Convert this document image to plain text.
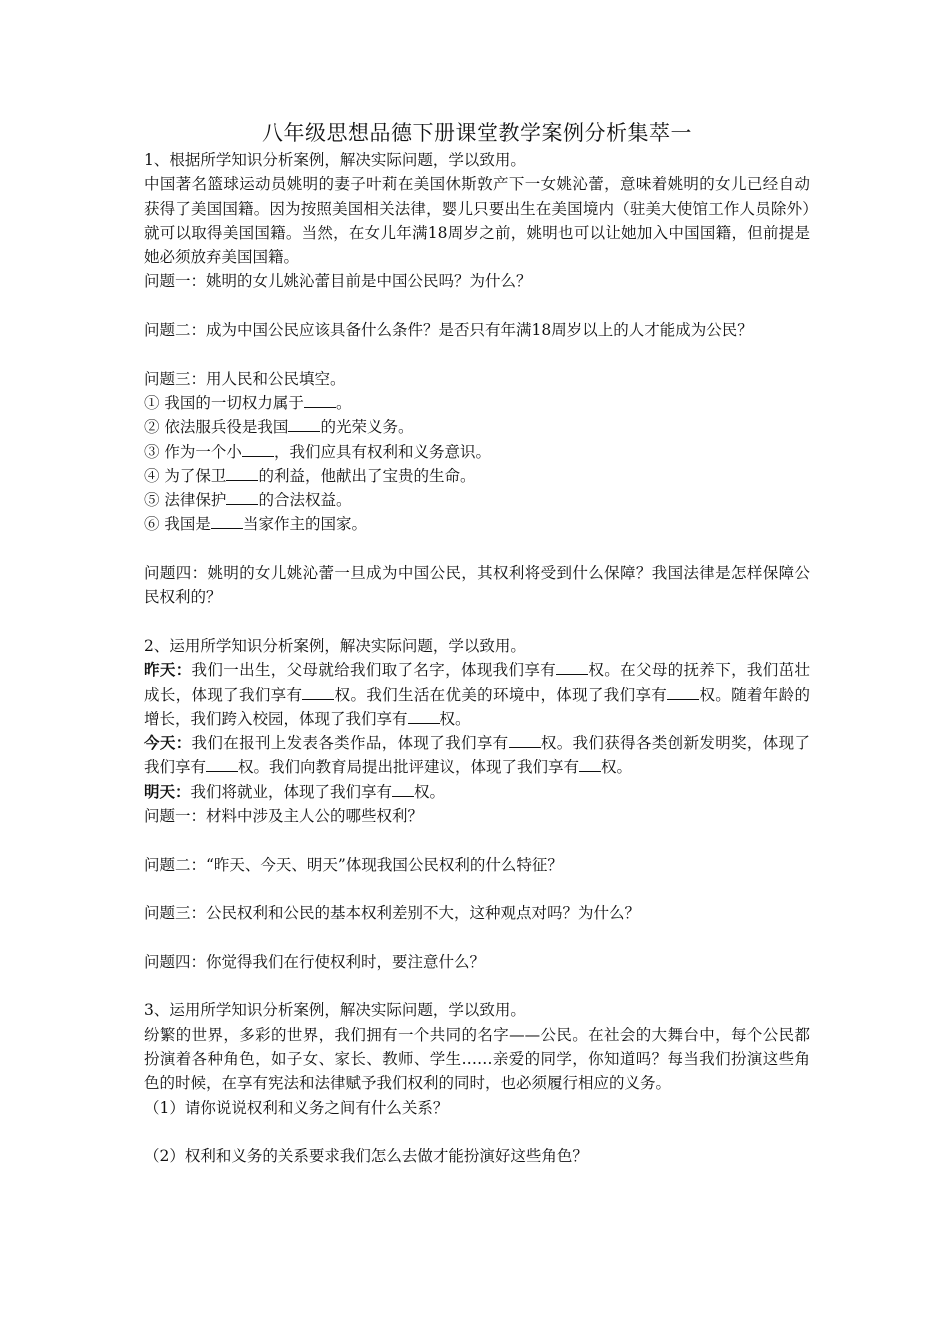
八年级思想品德下册课堂教学案例分析集萃一

1、根据所学知识分析案例，解决实际问题，学以致用。

中国著名篮球运动员姚明的妻子叶莉在美国休斯敦产下一女姚沁蕾，意味着姚明的女儿已经自动获得了美国国籍。因为按照美国相关法律，婴儿只要出生在美国境内（驻美大使馆工作人员除外）就可以取得美国国籍。当然，在女儿年满18周岁之前，姚明也可以让她加入中国国籍，但前提是她必须放弃美国国籍。

问题一：姚明的女儿姚沁蕾目前是中国公民吗？为什么？

问题二：成为中国公民应该具备什么条件？是否只有年满18周岁以上的人才能成为公民？

问题三：用人民和公民填空。

① 我国的一切权力属于 。

② 依法服兵役是我国 的光荣义务。

③ 作为一个小 ，我们应具有权利和义务意识。

④ 为了保卫 的利益，他献出了宝贵的生命。

⑤ 法律保护 的合法权益。

⑥ 我国是 当家作主的国家。

问题四：姚明的女儿姚沁蕾一旦成为中国公民，其权利将受到什么保障？我国法律是怎样保障公民权利的？

2、运用所学知识分析案例，解决实际问题，学以致用。

昨天：我们一出生，父母就给我们取了名字，体现我们享有 权。在父母的抚养下，我们茁壮成长，体现了我们享有 权。我们生活在优美的环境中，体现了我们享有 权。随着年龄的增长，我们跨入校园，体现了我们享有 权。

今天：我们在报刊上发表各类作品，体现了我们享有 权。我们获得各类创新发明奖，体现了我们享有 权。我们向教育局提出批评建议，体现了我们享有 权。

明天：我们将就业，体现了我们享有 权。

问题一：材料中涉及主人公的哪些权利？

问题二：“昨天、今天、明天”体现我国公民权利的什么特征？

问题三：公民权利和公民的基本权利差别不大，这种观点对吗？为什么？

问题四：你觉得我们在行使权利时，要注意什么？

3、运用所学知识分析案例，解决实际问题，学以致用。

纷繁的世界，多彩的世界，我们拥有一个共同的名字——公民。在社会的大舞台中，每个公民都扮演着各种角色，如子女、家长、教师、学生……亲爱的同学，你知道吗？每当我们扮演这些角色的时候，在享有宪法和法律赋予我们权利的同时，也必须履行相应的义务。

（1）请你说说权利和义务之间有什么关系？

（2）权利和义务的关系要求我们怎么去做才能扮演好这些角色？
